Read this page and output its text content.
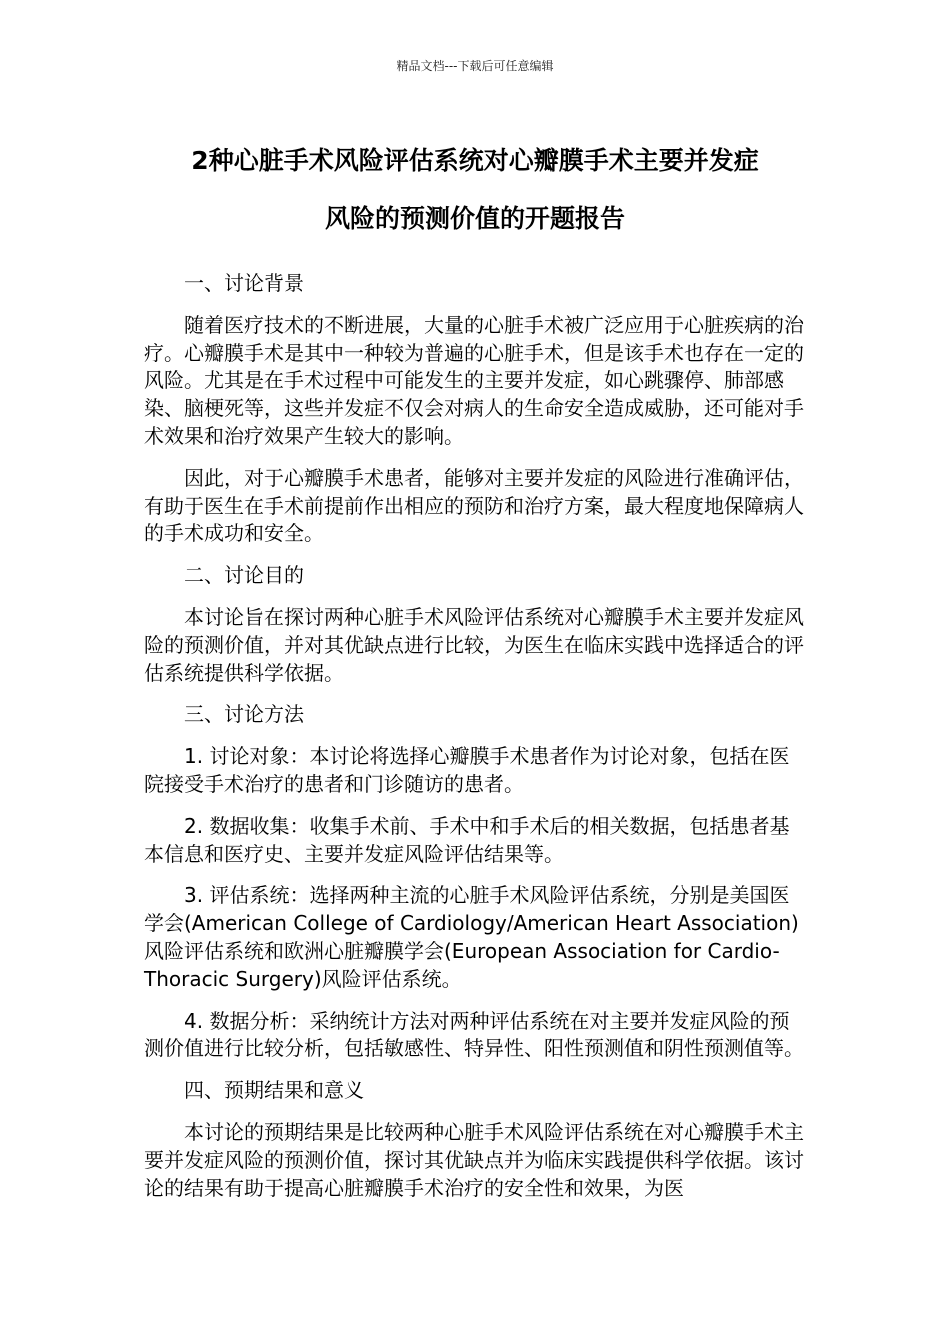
精品文档---下载后可任意编辑
2种心脏手术风险评估系统对心瓣膜手术主要并发症
风险的预测价值的开题报告

一、讨论背景

随着医疗技术的不断进展，大量的心脏手术被广泛应用于心脏疾病的治疗。心瓣膜手术是其中一种较为普遍的心脏手术，但是该手术也存在一定的风险。尤其是在手术过程中可能发生的主要并发症，如心跳骤停、肺部感染、脑梗死等，这些并发症不仅会对病人的生命安全造成威胁，还可能对手术效果和治疗效果产生较大的影响。

因此，对于心瓣膜手术患者，能够对主要并发症的风险进行准确评估，有助于医生在手术前提前作出相应的预防和治疗方案，最大程度地保障病人的手术成功和安全。

二、讨论目的

本讨论旨在探讨两种心脏手术风险评估系统对心瓣膜手术主要并发症风险的预测价值，并对其优缺点进行比较，为医生在临床实践中选择适合的评估系统提供科学依据。

三、讨论方法

1. 讨论对象：本讨论将选择心瓣膜手术患者作为讨论对象，包括在医院接受手术治疗的患者和门诊随访的患者。

2. 数据收集：收集手术前、手术中和手术后的相关数据，包括患者基本信息和医疗史、主要并发症风险评估结果等。

3. 评估系统：选择两种主流的心脏手术风险评估系统，分别是美国医学会(American College of Cardiology/American Heart Association)风险评估系统和欧洲心脏瓣膜学会(European Association for Cardio-Thoracic Surgery)风险评估系统。

4. 数据分析：采纳统计方法对两种评估系统在对主要并发症风险的预测价值进行比较分析，包括敏感性、特异性、阳性预测值和阴性预测值等。

四、预期结果和意义

本讨论的预期结果是比较两种心脏手术风险评估系统在对心瓣膜手术主要并发症风险的预测价值，探讨其优缺点并为临床实践提供科学依据。该讨论的结果有助于提高心脏瓣膜手术治疗的安全性和效果，为医
